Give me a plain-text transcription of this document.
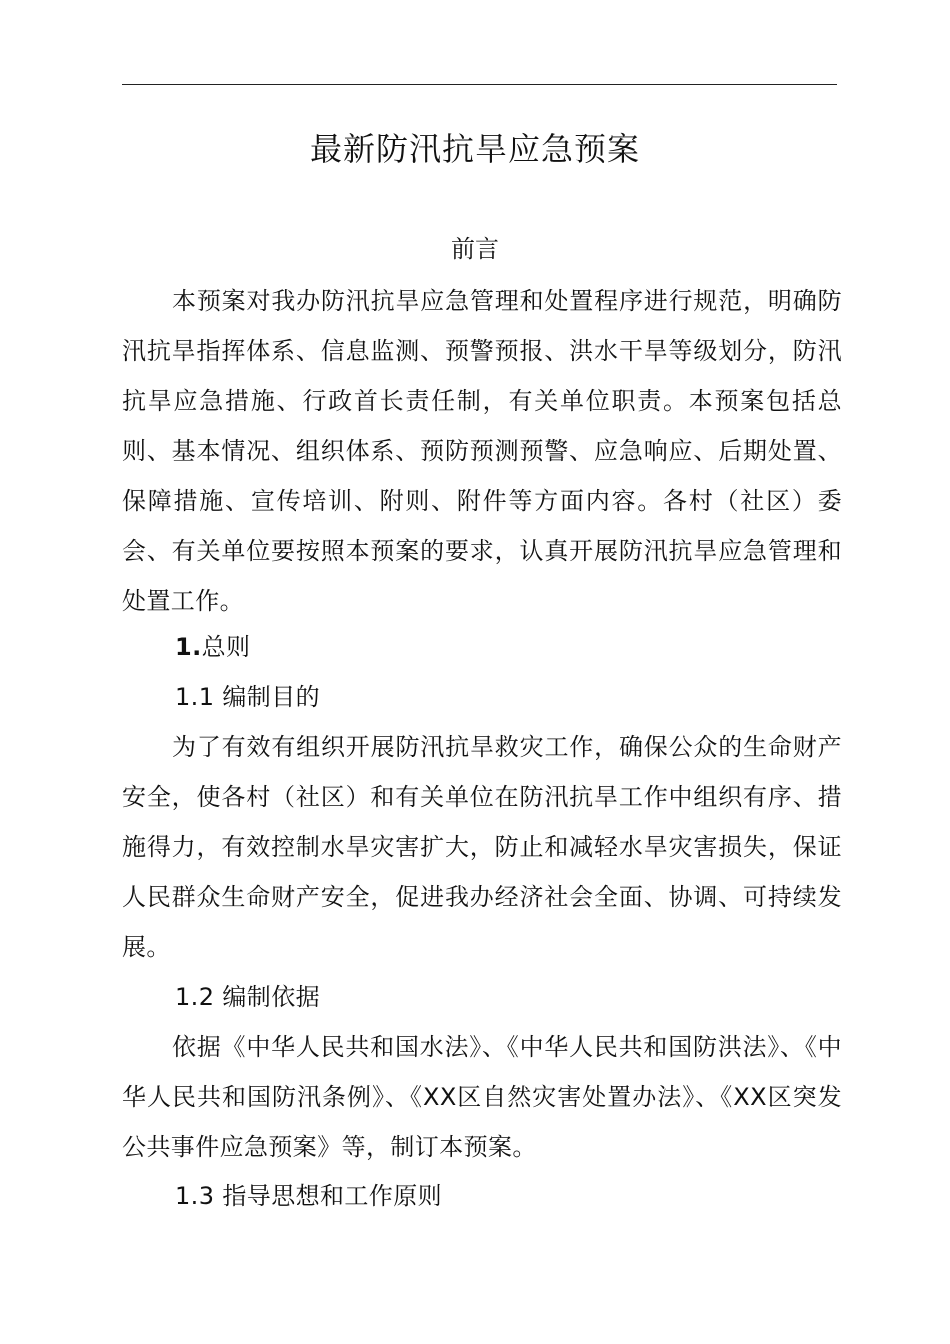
最新防汛抗旱应急预案
前言

本预案对我办防汛抗旱应急管理和处置程序进行规范，明确防汛抗旱指挥体系、信息监测、预警预报、洪水干旱等级划分，防汛抗旱应急措施、行政首长责任制，有关单位职责。本预案包括总则、基本情况、组织体系、预防预测预警、应急响应、后期处置、保障措施、宣传培训、附则、附件等方面内容。各村（社区）委会、有关单位要按照本预案的要求，认真开展防汛抗旱应急管理和处置工作。

1.总则
1.1 编制目的

为了有效有组织开展防汛抗旱救灾工作，确保公众的生命财产安全，使各村（社区）和有关单位在防汛抗旱工作中组织有序、措施得力，有效控制水旱灾害扩大，防止和减轻水旱灾害损失，保证人民群众生命财产安全，促进我办经济社会全面、协调、可持续发展。

1.2 编制依据

依据《中华人民共和国水法》、《中华人民共和国防洪法》、《中华人民共和国防汛条例》、《XX区自然灾害处置办法》、《XX区突发公共事件应急预案》等，制订本预案。

1.3 指导思想和工作原则
